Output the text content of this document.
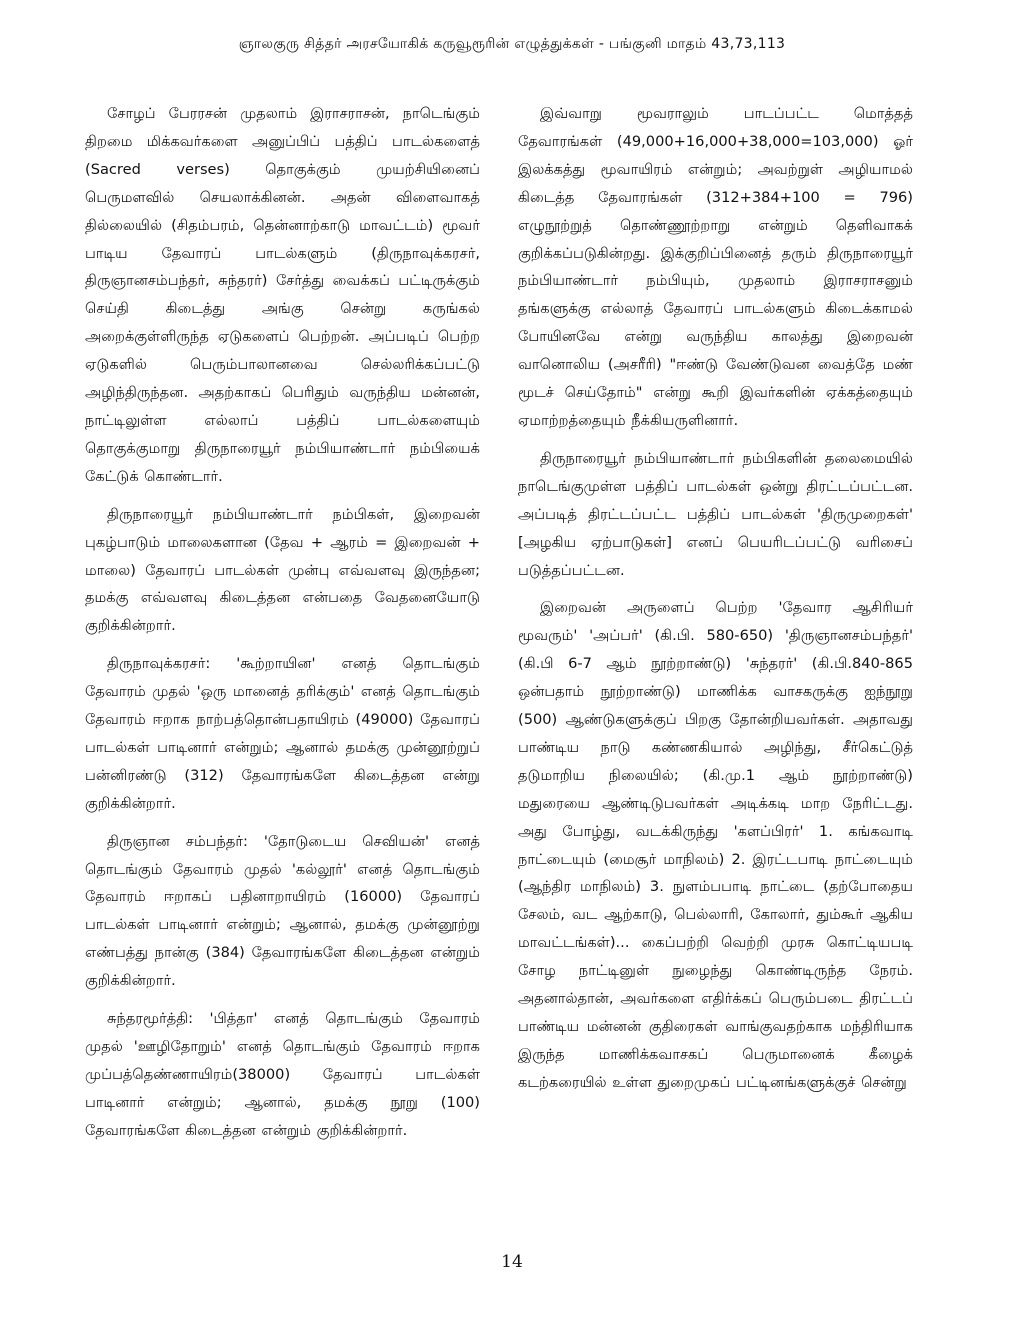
ஞாலகுரு சித்தர் அரசயோகிக் கருவூரூரின் எழுத்துக்கள் - பங்குனி மாதம் 43,73,113

சோழப் பேரரசன் முதலாம் இராசராசன், நாடெங்கும் திறமை மிக்கவர்களை அனுப்பிப் பத்திப் பாடல்களைத் (Sacred verses) தொகுக்கும் முயற்சியினைப் பெருமளவில் செயலாக்கினன். அதன் விளைவாகத் தில்லையில் (சிதம்பரம், தென்னாற்காடு மாவட்டம்) மூவர் பாடிய தேவாரப் பாடல்களும் (திருநாவுக்கரசர், திருஞானசம்பந்தர், சுந்தரர்) சேர்த்து வைக்கப் பட்டிருக்கும் செய்தி கிடைத்து அங்கு சென்று கருங்கல் அறைக்குள்ளிருந்த ஏடுகளைப் பெற்றன். அப்படிப் பெற்ற ஏடுகளில் பெரும்பாலானவை செல்லரிக்கப்பட்டு அழிந்திருந்தன. அதற்காகப் பெரிதும் வருந்திய மன்னன், நாட்டிலுள்ள எல்லாப் பத்திப் பாடல்களையும் தொகுக்குமாறு திருநாரையூர் நம்பியாண்டார் நம்பியைக் கேட்டுக் கொண்டார்.

திருநாரையூர் நம்பியாண்டார் நம்பிகள், இறைவன் புகழ்பாடும் மாலைகளான (தேவ + ஆரம் = இறைவன் + மாலை) தேவாரப் பாடல்கள் முன்பு எவ்வளவு இருந்தன; தமக்கு எவ்வளவு கிடைத்தன என்பதை வேதனையோடு குறிக்கின்றார்.

திருநாவுக்கரசர்: 'கூற்றாயின' எனத் தொடங்கும் தேவாரம் முதல் 'ஒரு மானைத் தரிக்கும்' எனத் தொடங்கும் தேவாரம் ஈறாக நாற்பத்தொன்பதாயிரம் (49000) தேவாரப் பாடல்கள் பாடினார் என்றும்; ஆனால் தமக்கு முன்னூற்றுப் பன்னிரண்டு (312) தேவாரங்களே கிடைத்தன என்று குறிக்கின்றார்.

திருஞான சம்பந்தர்: 'தோடுடைய செவியன்' எனத் தொடங்கும் தேவாரம் முதல் 'கல்லூர்' எனத் தொடங்கும் தேவாரம் ஈறாகப் பதினாறாயிரம் (16000) தேவாரப் பாடல்கள் பாடினார் என்றும்; ஆனால், தமக்கு முன்னூற்று எண்பத்து நான்கு (384) தேவாரங்களே கிடைத்தன என்றும் குறிக்கின்றார்.

சுந்தரமூர்த்தி: 'பித்தா' எனத் தொடங்கும் தேவாரம் முதல் 'ஊழிதோறும்' எனத் தொடங்கும் தேவாரம் ஈறாக முப்பத்தெண்ணாயிரம்(38000) தேவாரப் பாடல்கள் பாடினார் என்றும்; ஆனால், தமக்கு நூறு (100) தேவாரங்களே கிடைத்தன என்றும் குறிக்கின்றார்.

இவ்வாறு மூவராலும் பாடப்பட்ட மொத்தத் தேவாரங்கள் (49,000+16,000+38,000=103,000) ஓர் இலக்கத்து மூவாயிரம் என்றும்; அவற்றுள் அழியாமல் கிடைத்த தேவாரங்கள் (312+384+100 = 796) எழுநூற்றுத் தொண்ணூற்றாறு என்றும் தெளிவாகக் குறிக்கப்படுகின்றது. இக்குறிப்பினைத் தரும் திருநாரையூர் நம்பியாண்டார் நம்பியும், முதலாம் இராசராசனும் தங்களுக்கு எல்லாத் தேவாரப் பாடல்களும் கிடைக்காமல் போயினவே என்று வருந்திய காலத்து இறைவன் வானொலிய (அசரீரி) "ஈண்டு வேண்டுவன வைத்தே மண் மூடச் செய்தோம்" என்று கூறி இவர்களின் ஏக்கத்தையும் ஏமாற்றத்தையும் நீக்கியருளினார்.

திருநாரையூர் நம்பியாண்டார் நம்பிகளின் தலைமையில் நாடெங்குமுள்ள பத்திப் பாடல்கள் ஒன்று திரட்டப்பட்டன. அப்படித் திரட்டப்பட்ட பத்திப் பாடல்கள் 'திருமுறைகள்' [அழகிய ஏற்பாடுகள்] எனப் பெயரிடப்பட்டு வரிசைப் படுத்தப்பட்டன.

இறைவன் அருளைப் பெற்ற 'தேவார ஆசிரியர் மூவரும்' 'அப்பர்' (கி.பி. 580-650) 'திருஞானசம்பந்தர்' (கி.பி 6-7 ஆம் நூற்றாண்டு) 'சுந்தரர்' (கி.பி.840-865 ஒன்பதாம் நூற்றாண்டு) மாணிக்க வாசகருக்கு ஐந்நூறு (500) ஆண்டுகளுக்குப் பிறகு தோன்றியவர்கள். அதாவது பாண்டிய நாடு கண்ணகியால் அழிந்து, சீர்கெட்டுத் தடுமாறிய நிலையில்; (கி.மு.1 ஆம் நூற்றாண்டு) மதுரையை ஆண்டிடுபவர்கள் அடிக்கடி மாற நேரிட்டது. அது போழ்து, வடக்கிருந்து 'களப்பிரர்' 1. கங்கவாடி நாட்டையும் (மைசூர் மாநிலம்) 2. இரட்டபாடி நாட்டையும் (ஆந்திர மாநிலம்) 3. நுளம்பபாடி நாட்டை (தற்போதைய சேலம், வட ஆற்காடு, பெல்லாரி, கோலார், தும்கூர் ஆகிய மாவட்டங்கள்)... கைப்பற்றி வெற்றி முரசு கொட்டியபடி சோழ நாட்டினுள் நுழைந்து கொண்டிருந்த நேரம். அதனால்தான், அவர்களை எதிர்க்கப் பெரும்படை திரட்டப் பாண்டிய மன்னன் குதிரைகள் வாங்குவதற்காக மந்திரியாக இருந்த மாணிக்கவாசகப் பெருமானைக் கீழைக் கடற்கரையில் உள்ள துறைமுகப் பட்டினங்களுக்குச் சென்று

14
